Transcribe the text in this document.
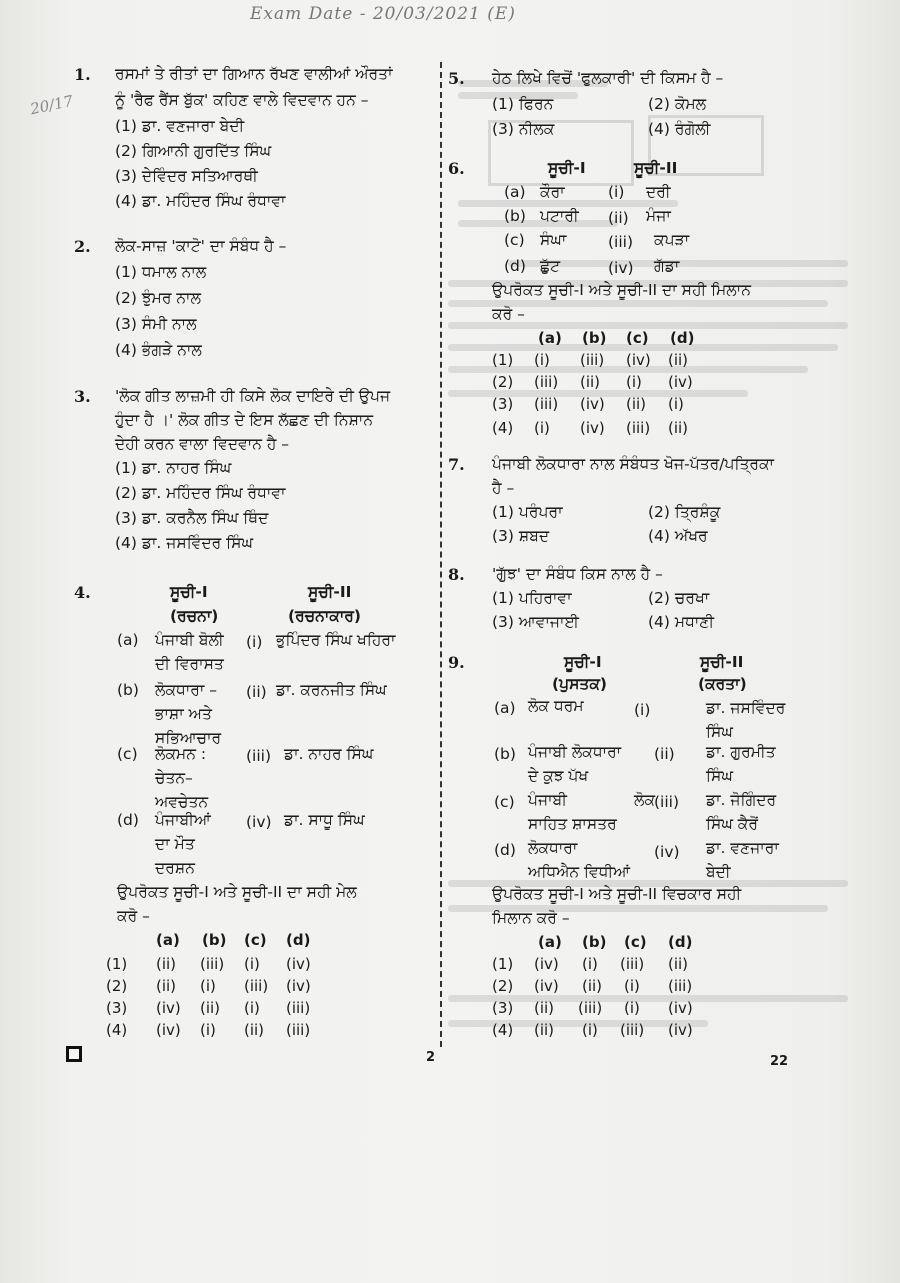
Exam Date - 20/03/2021 (E)
20/17
1. ਰਸਮਾਂ ਤੇ ਰੀਤਾਂ ਦਾ ਗਿਆਨ ਰੱਖਣ ਵਾਲੀਆਂ ਔਰਤਾਂ
ਨੂੰ 'ਰੈਫ ਰੈਂਸ ਬੁੱਕ' ਕਹਿਣ ਵਾਲੇ ਵਿਦਵਾਨ ਹਨ –
(1) ਡਾ. ਵਣਜਾਰਾ ਬੇਦੀ
(2) ਗਿਆਨੀ ਗੁਰਦਿੱਤ ਸਿੰਘ
(3) ਦੇਵਿੰਦਰ ਸਤਿਆਰਥੀ
(4) ਡਾ. ਮਹਿੰਦਰ ਸਿੰਘ ਰੰਧਾਵਾ
2. ਲੋਕ-ਸਾਜ਼ 'ਕਾਟੋ' ਦਾ ਸੰਬੰਧ ਹੈ –
(1) ਧਮਾਲ ਨਾਲ
(2) ਝੁੰਮਰ ਨਾਲ
(3) ਸੰਮੀ ਨਾਲ
(4) ਭੰਗੜੇ ਨਾਲ
3. 'ਲੋਕ ਗੀਤ ਲਾਜ਼ਮੀ ਹੀ ਕਿਸੇ ਲੋਕ ਦਾਇਰੇ ਦੀ ਉਪਜ
ਹੁੰਦਾ ਹੈ ।' ਲੋਕ ਗੀਤ ਦੇ ਇਸ ਲੱਛਣ ਦੀ ਨਿਸ਼ਾਨ
ਦੇਹੀ ਕਰਨ ਵਾਲਾ ਵਿਦਵਾਨ ਹੈ –
(1) ਡਾ. ਨਾਹਰ ਸਿੰਘ
(2) ਡਾ. ਮਹਿੰਦਰ ਸਿੰਘ ਰੰਧਾਵਾ
(3) ਡਾ. ਕਰਨੈਲ ਸਿੰਘ ਥਿੰਦ
(4) ਡਾ. ਜਸਵਿੰਦਰ ਸਿੰਘ
4.	ਸੂਚੀ-I
(ਰਚਨਾ)
ਸੂਚੀ-II
(ਰਚਨਾਕਾਰ)
(a) ਪੰਜਾਬੀ ਬੋਲੀ
ਦੀ ਵਿਰਾਸਤ
(i) ਭੁਪਿੰਦਰ ਸਿੰਘ ਖਹਿਰਾ
(b) ਲੋਕਧਾਰਾ –
ਭਾਸ਼ਾ ਅਤੇ
ਸਭਿਆਚਾਰ
(ii) ਡਾ. ਕਰਨਜੀਤ ਸਿੰਘ
(c) ਲੋਕਮਨ :
ਚੇਤਨ–
ਅਵਚੇਤਨ
(iii) ਡਾ. ਨਾਹਰ ਸਿੰਘ
(d) ਪੰਜਾਬੀਆਂ
ਦਾ ਮੌਤ
ਦਰਸ਼ਨ
(iv) ਡਾ. ਸਾਧੂ ਸਿੰਘ
ਉਪਰੋਕਤ ਸੂਚੀ-I ਅਤੇ ਸੂਚੀ-II ਦਾ ਸਹੀ ਮੇਲ
ਕਰੋ –
(a) (b) (c) (d)
(1) (ii) (iii) (i) (iv)
(2) (ii) (i) (iii) (iv)
(3) (iv) (ii) (i) (iii)
(4) (iv) (i) (ii) (iii)
5. ਹੇਠ ਲਿਖੇ ਵਿਚੋਂ 'ਫੁਲਕਾਰੀ' ਦੀ ਕਿਸਮ ਹੈ –
(1) ਫਿਰਨ	(2) ਕੋਮਲ
(3) ਨੀਲਕ	(4) ਰੰਗੋਲੀ
6.	ਸੂਚੀ-I	ਸੂਚੀ-II
(a) ਕੌਰਾ	(i) ਦਰੀ
(b) ਪਟਾਰੀ (ii) ਮੰਜਾ
(c) ਸੰਘਾ	(iii) ਕਪੜਾ
(d) ਛੁੱਟ	(iv) ਗੱਡਾ
ਉਪਰੋਕਤ ਸੂਚੀ-I ਅਤੇ ਸੂਚੀ-II ਦਾ ਸਹੀ ਮਿਲਾਨ
ਕਰੋ –
(a) (b) (c) (d)
(1) (i) (iii) (iv) (ii)
(2) (iii) (ii) (i) (iv)
(3) (iii) (iv) (ii) (i)
(4) (i) (iv) (iii) (ii)
7. ਪੰਜਾਬੀ ਲੋਕਧਾਰਾ ਨਾਲ ਸੰਬੰਧਤ ਖੋਜ-ਪੱਤਰ/ਪਤ੍ਰਿਕਾ
ਹੈ –
(1) ਪਰੰਪਰਾ	(2) ਤ੍ਰਿਸ਼ੰਕੂ
(3) ਸ਼ਬਦ	(4) ਅੱਖਰ
8. 'ਗੁੱਝ' ਦਾ ਸੰਬੰਧ ਕਿਸ ਨਾਲ ਹੈ –
(1) ਪਹਿਰਾਵਾ	(2) ਚਰਖਾ
(3) ਆਵਾਜਾਈ	(4) ਮਧਾਣੀ
9.	ਸੂਚੀ-I
(ਪੁਸਤਕ)
ਸੂਚੀ-II
(ਕਰਤਾ)
(a) ਲੋਕ ਧਰਮ	(i)	ਡਾ. ਜਸਵਿੰਦਰ
ਸਿੰਘ
(b) ਪੰਜਾਬੀ ਲੋਕਧਾਰਾ
ਦੇ ਕੁਝ ਪੱਖ
(ii) ਡਾ. ਗੁਰਮੀਤ
ਸਿੰਘ
(c) ਪੰਜਾਬੀ	ਲੋਕ
ਸਾਹਿਤ ਸ਼ਾਸਤਰ
(iii) ਡਾ. ਜੋਗਿੰਦਰ
ਸਿੰਘ ਕੈਰੋਂ
(d) ਲੋਕਧਾਰਾ
ਅਧਿਐਨ ਵਿਧੀਆਂ
(iv) ਡਾ. ਵਣਜਾਰਾ
ਬੇਦੀ
ਉਪਰੋਕਤ ਸੂਚੀ-I ਅਤੇ ਸੂਚੀ-II ਵਿਚਕਾਰ ਸਹੀ
ਮਿਲਾਨ ਕਰੋ –
(a) (b) (c) (d)
(1) (iv) (i) (iii) (ii)
(2) (iv) (ii) (i) (iii)
(3) (ii) (iii) (i) (iv)
(4) (ii) (i) (iii) (iv)
2	22
